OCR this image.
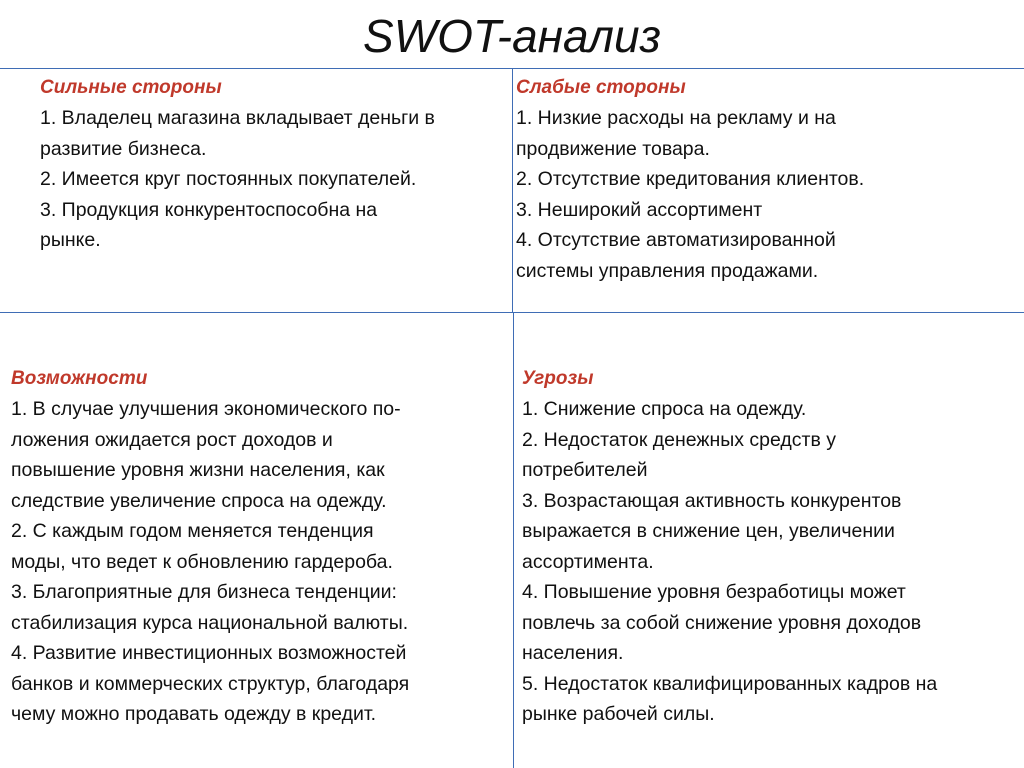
SWOT-анализ
Сильные стороны
1. Владелец магазина вкладывает деньги в
развитие бизнеса.
2. Имеется круг постоянных покупателей.
3. Продукция конкурентоспособна на
рынке.
Слабые стороны
1. Низкие расходы на рекламу и на
продвижение товара.
2. Отсутствие кредитования клиентов.
3. Неширокий ассортимент
4. Отсутствие автоматизированной
системы управления продажами.
Возможности
1. В случае улучшения экономического по-
ложения ожидается рост доходов и
повышение уровня жизни населения, как
следствие увеличение спроса на одежду.
2. С каждым годом меняется тенденция
моды, что ведет к обновлению гардероба.
3. Благоприятные для бизнеса тенденции:
стабилизация курса национальной валюты.
4. Развитие инвестиционных возможностей
банков и коммерческих структур, благодаря
чему можно продавать одежду в кредит.
Угрозы
1. Снижение спроса на одежду.
2. Недостаток денежных средств у
потребителей
3. Возрастающая активность конкурентов
выражается в снижение цен, увеличении
ассортимента.
4. Повышение уровня безработицы может
повлечь за собой снижение уровня доходов
населения.
5. Недостаток квалифицированных кадров на
рынке рабочей силы.
